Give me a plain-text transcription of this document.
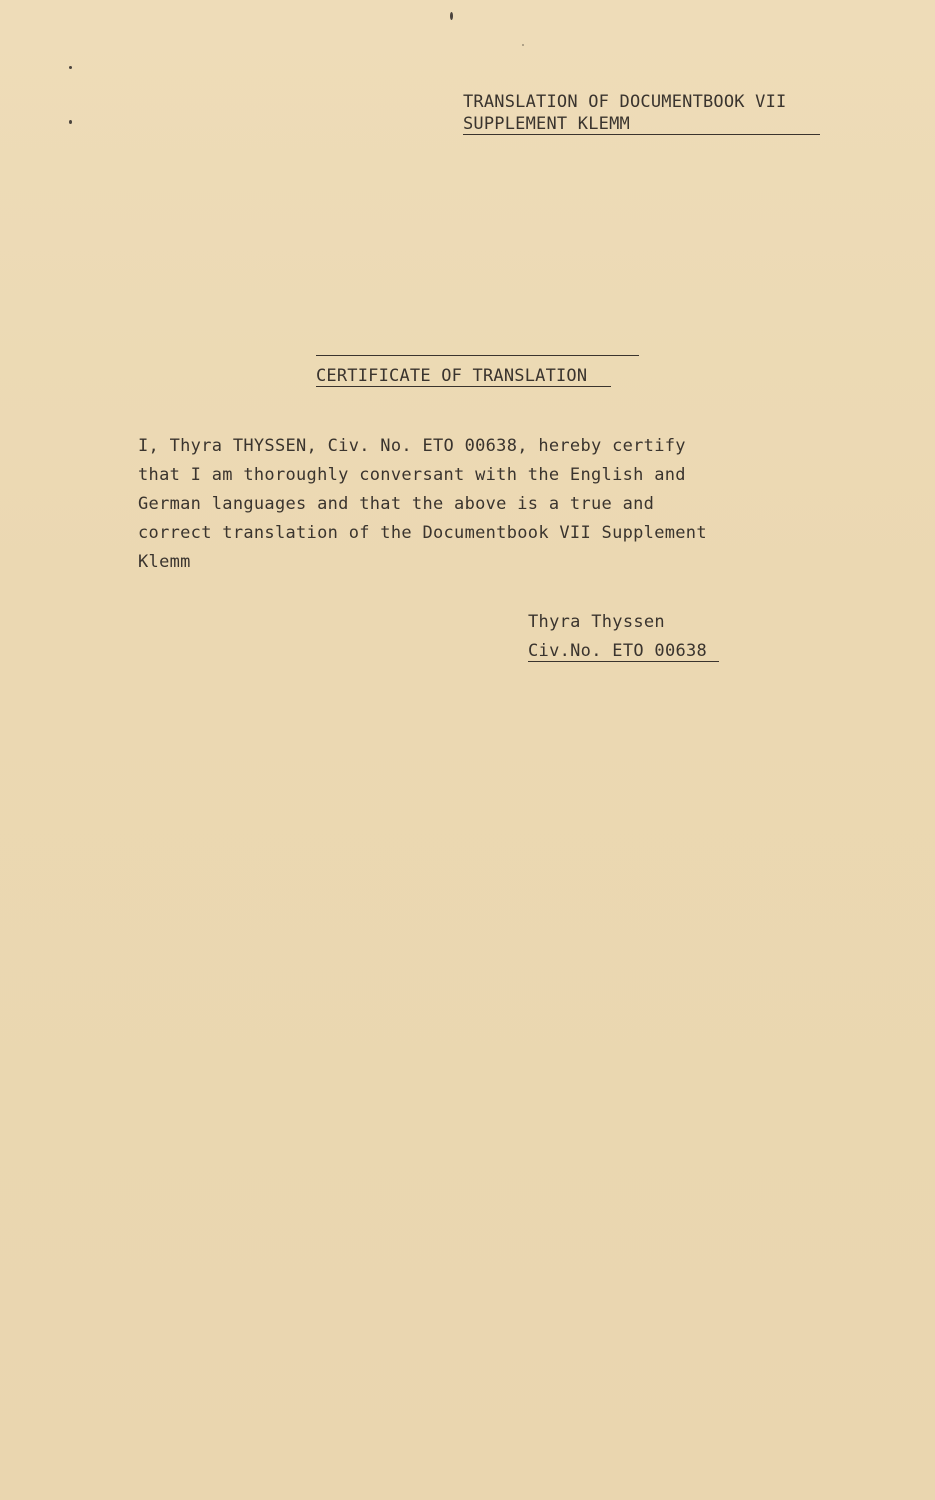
TRANSLATION OF DOCUMENTBOOK VII
SUPPLEMENT KLEMM
CERTIFICATE OF TRANSLATION
I, Thyra THYSSEN, Civ. No. ETO 00638, hereby certify
that I am thoroughly conversant with the English and
German languages and that the above is a true and
correct translation of the Documentbook VII Supplement
Klemm
Thyra Thyssen
Civ.No. ETO 00638
